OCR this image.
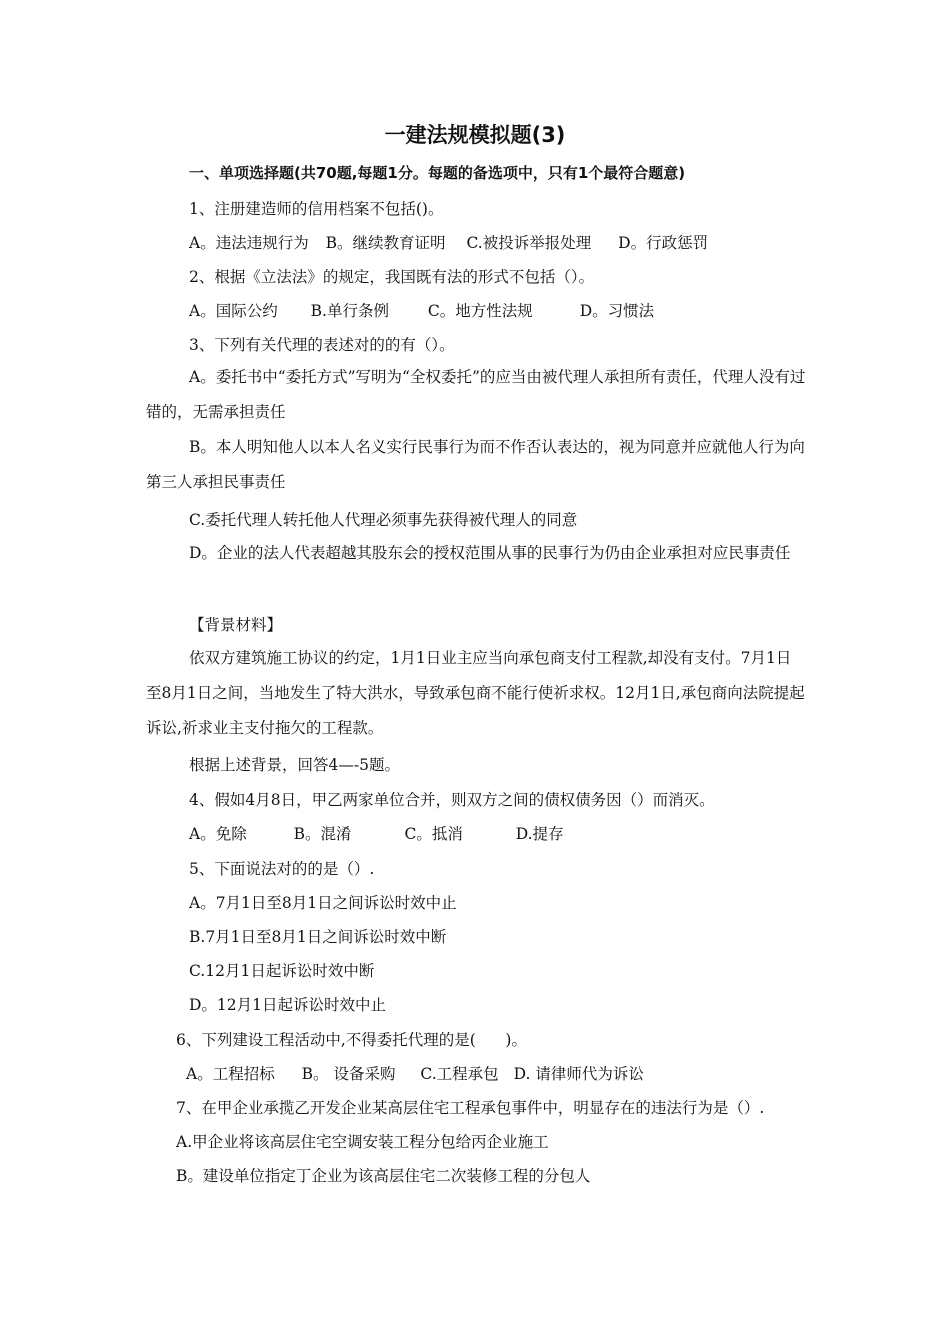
一建法规模拟题(3)
一、单项选择题(共70题,每题1分。每题的备选项中，只有1个最符合题意)
1、注册建造师的信用档案不包括()。
A。违法违规行为 B。继续教育证明 C.被投诉举报处理 D。行政惩罚
2、根据《立法法》的规定，我国既有法的形式不包括（）。
A。国际公约 B.单行条例	C。地方性法规	D。习惯法
3、下列有关代理的表述对的的有（）。
A。委托书中“委托方式”写明为“全权委托”的应当由被代理人承担所有责任，代理人没有过错的，无需承担责任
B。本人明知他人以本人名义实行民事行为而不作否认表达的，视为同意并应就他人行为向第三人承担民事责任
C.委托代理人转托他人代理必须事先获得被代理人的同意
D。企业的法人代表超越其股东会的授权范围从事的民事行为仍由企业承担对应民事责任
【背景材料】
依双方建筑施工协议的约定，1月1日业主应当向承包商支付工程款,却没有支付。7月1日至8月1日之间，当地发生了特大洪水，导致承包商不能行使祈求权。12月1日,承包商向法院提起诉讼,祈求业主支付拖欠的工程款。
根据上述背景，回答4—-5题。
4、假如4月8日，甲乙两家单位合并，则双方之间的债权债务因（）而消灭。
A。免除	B。混淆	C。抵消	D.提存
5、下面说法对的的是（）.
A。7月1日至8月1日之间诉讼时效中止
B.7月1日至8月1日之间诉讼时效中断
C.12月1日起诉讼时效中断
D。12月1日起诉讼时效中止
6、下列建设工程活动中,不得委托代理的是(      )。
A。工程招标 B。 设备采购 C.工程承包 D. 请律师代为诉讼
7、在甲企业承揽乙开发企业某高层住宅工程承包事件中，明显存在的违法行为是（）.
A.甲企业将该高层住宅空调安装工程分包给丙企业施工
B。建设单位指定丁企业为该高层住宅二次装修工程的分包人
